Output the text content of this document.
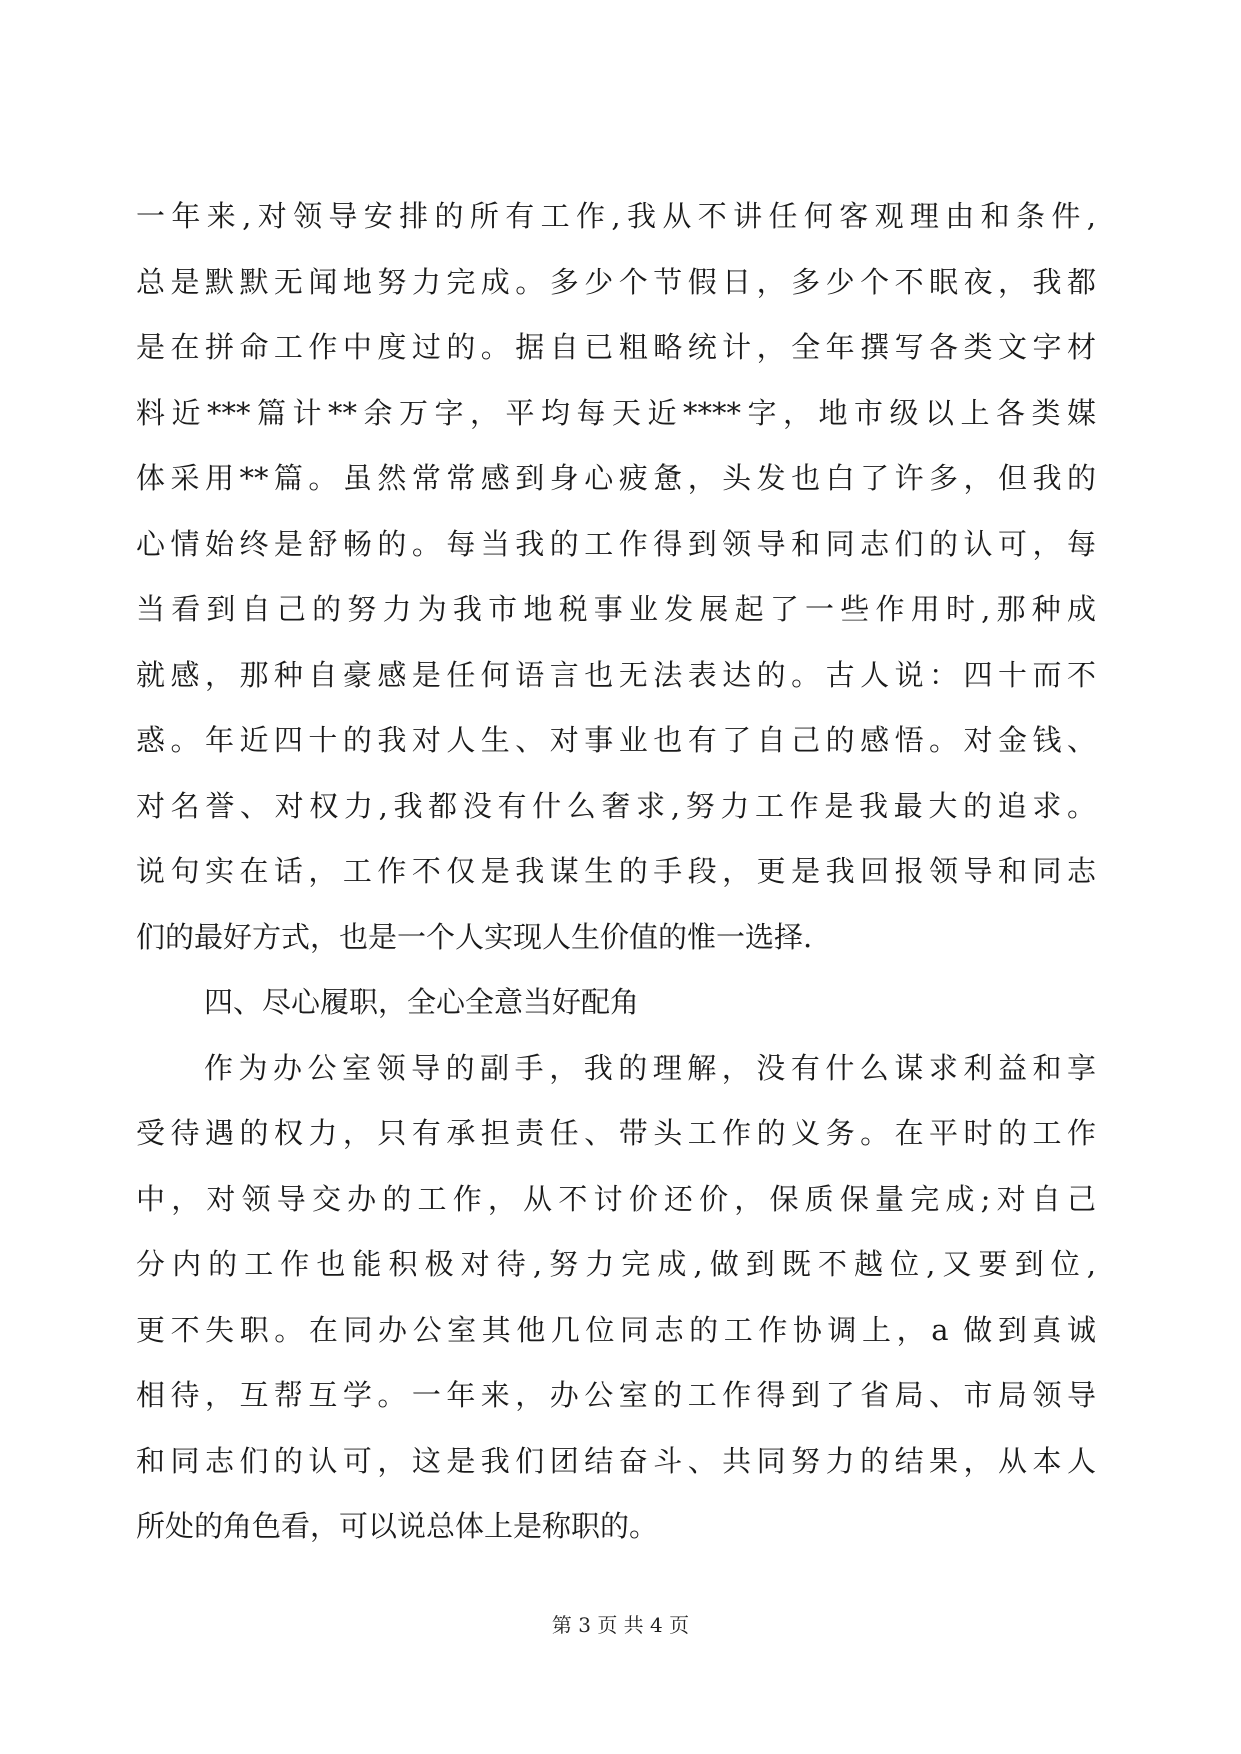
一年来,对领导安排的所有工作,我从不讲任何客观理由和条件,
总是默默无闻地努力完成。多少个节假日，多少个不眠夜，我都
是在拼命工作中度过的。据自已粗略统计，全年撰写各类文字材
料近***篇计**余万字，平均每天近****字，地市级以上各类媒
体采用**篇。虽然常常感到身心疲惫，头发也白了许多，但我的
心情始终是舒畅的。每当我的工作得到领导和同志们的认可，每
当看到自己的努力为我市地税事业发展起了一些作用时,那种成
就感，那种自豪感是任何语言也无法表达的。古人说：四十而不
惑。年近四十的我对人生、对事业也有了自己的感悟。对金钱、
对名誉、对权力,我都没有什么奢求,努力工作是我最大的追求。
说句实在话，工作不仅是我谋生的手段，更是我回报领导和同志
们的最好方式，也是一个人实现人生价值的惟一选择.
四、尽心履职，全心全意当好配角
作为办公室领导的副手，我的理解，没有什么谋求利益和享
受待遇的权力，只有承担责任、带头工作的义务。在平时的工作
中，对领导交办的工作，从不讨价还价，保质保量完成;对自己
分内的工作也能积极对待,努力完成,做到既不越位,又要到位,
更不失职。在同办公室其他几位同志的工作协调上，a 做到真诚
相待，互帮互学。一年来，办公室的工作得到了省局、市局领导
和同志们的认可，这是我们团结奋斗、共同努力的结果，从本人
所处的角色看，可以说总体上是称职的。
第 3 页 共 4 页
